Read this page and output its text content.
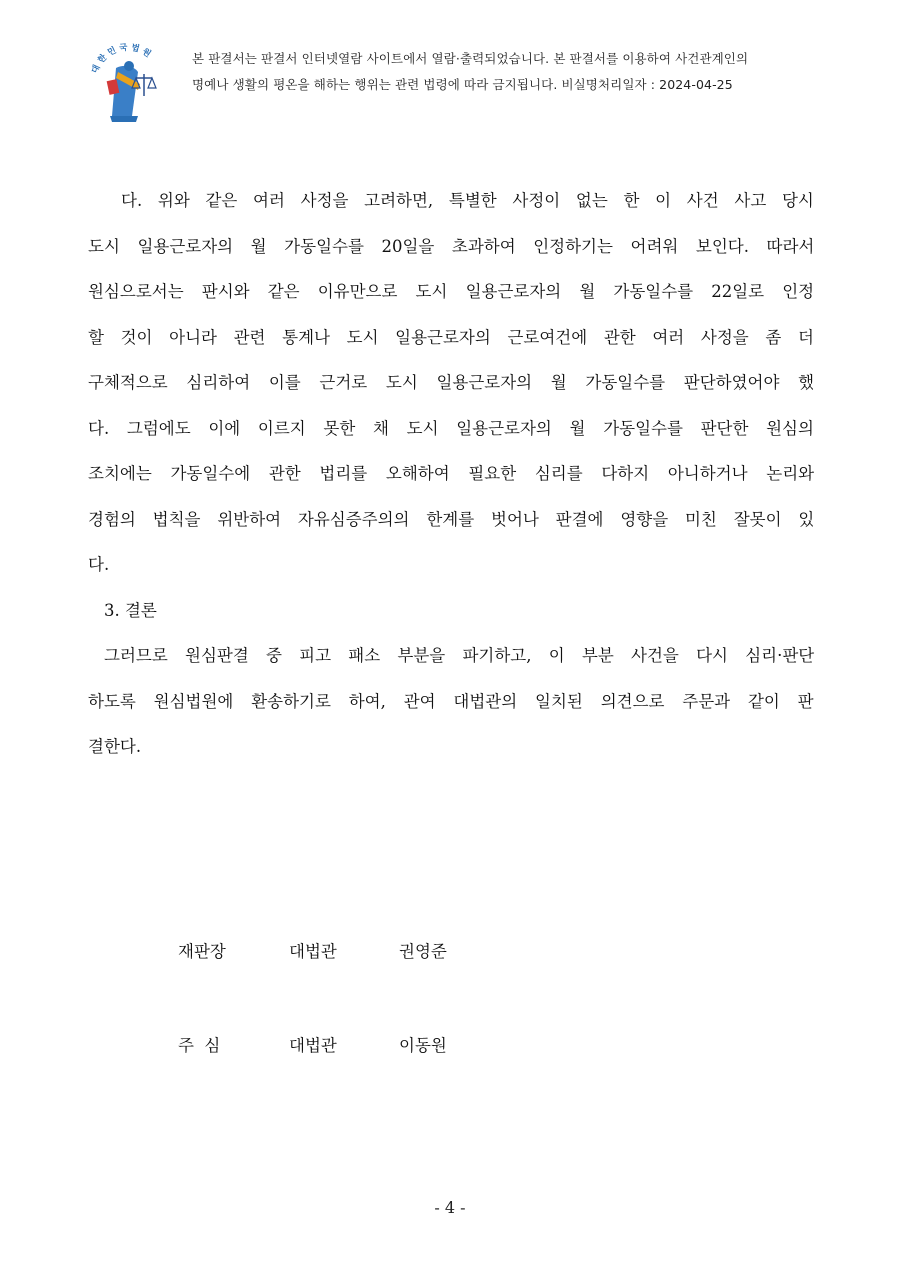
대한민국법원	본 판결서는 판결서 인터넷열람 사이트에서 열람·출력되었습니다. 본 판결서를 이용하여 사건관계인의
명예나 생활의 평온을 해하는 행위는 관련 법령에 따라 금지됩니다. 비실명처리일자 : 2024-04-25
다. 위와 같은 여러 사정을 고려하면, 특별한 사정이 없는 한 이 사건 사고 당시
도시 일용근로자의 월 가동일수를 20일을 초과하여 인정하기는 어려워 보인다. 따라서
원심으로서는 판시와 같은 이유만으로 도시 일용근로자의 월 가동일수를 22일로 인정
할 것이 아니라 관련 통계나 도시 일용근로자의 근로여건에 관한 여러 사정을 좀 더
구체적으로 심리하여 이를 근거로 도시 일용근로자의 월 가동일수를 판단하였어야 했
다. 그럼에도 이에 이르지 못한 채 도시 일용근로자의 월 가동일수를 판단한 원심의
조치에는 가동일수에 관한 법리를 오해하여 필요한 심리를 다하지 아니하거나 논리와
경험의 법칙을 위반하여 자유심증주의의 한계를 벗어나 판결에 영향을 미친 잘못이 있
다.
3. 결론
그러므로 원심판결 중 피고 패소 부분을 파기하고, 이 부분 사건을 다시 심리·판단
하도록 원심법원에 환송하기로 하여, 관여 대법관의 일치된 의견으로 주문과 같이 판
결한다.
재판장	대법관	권영준
주  심	대법관	이동원
- 4 -
